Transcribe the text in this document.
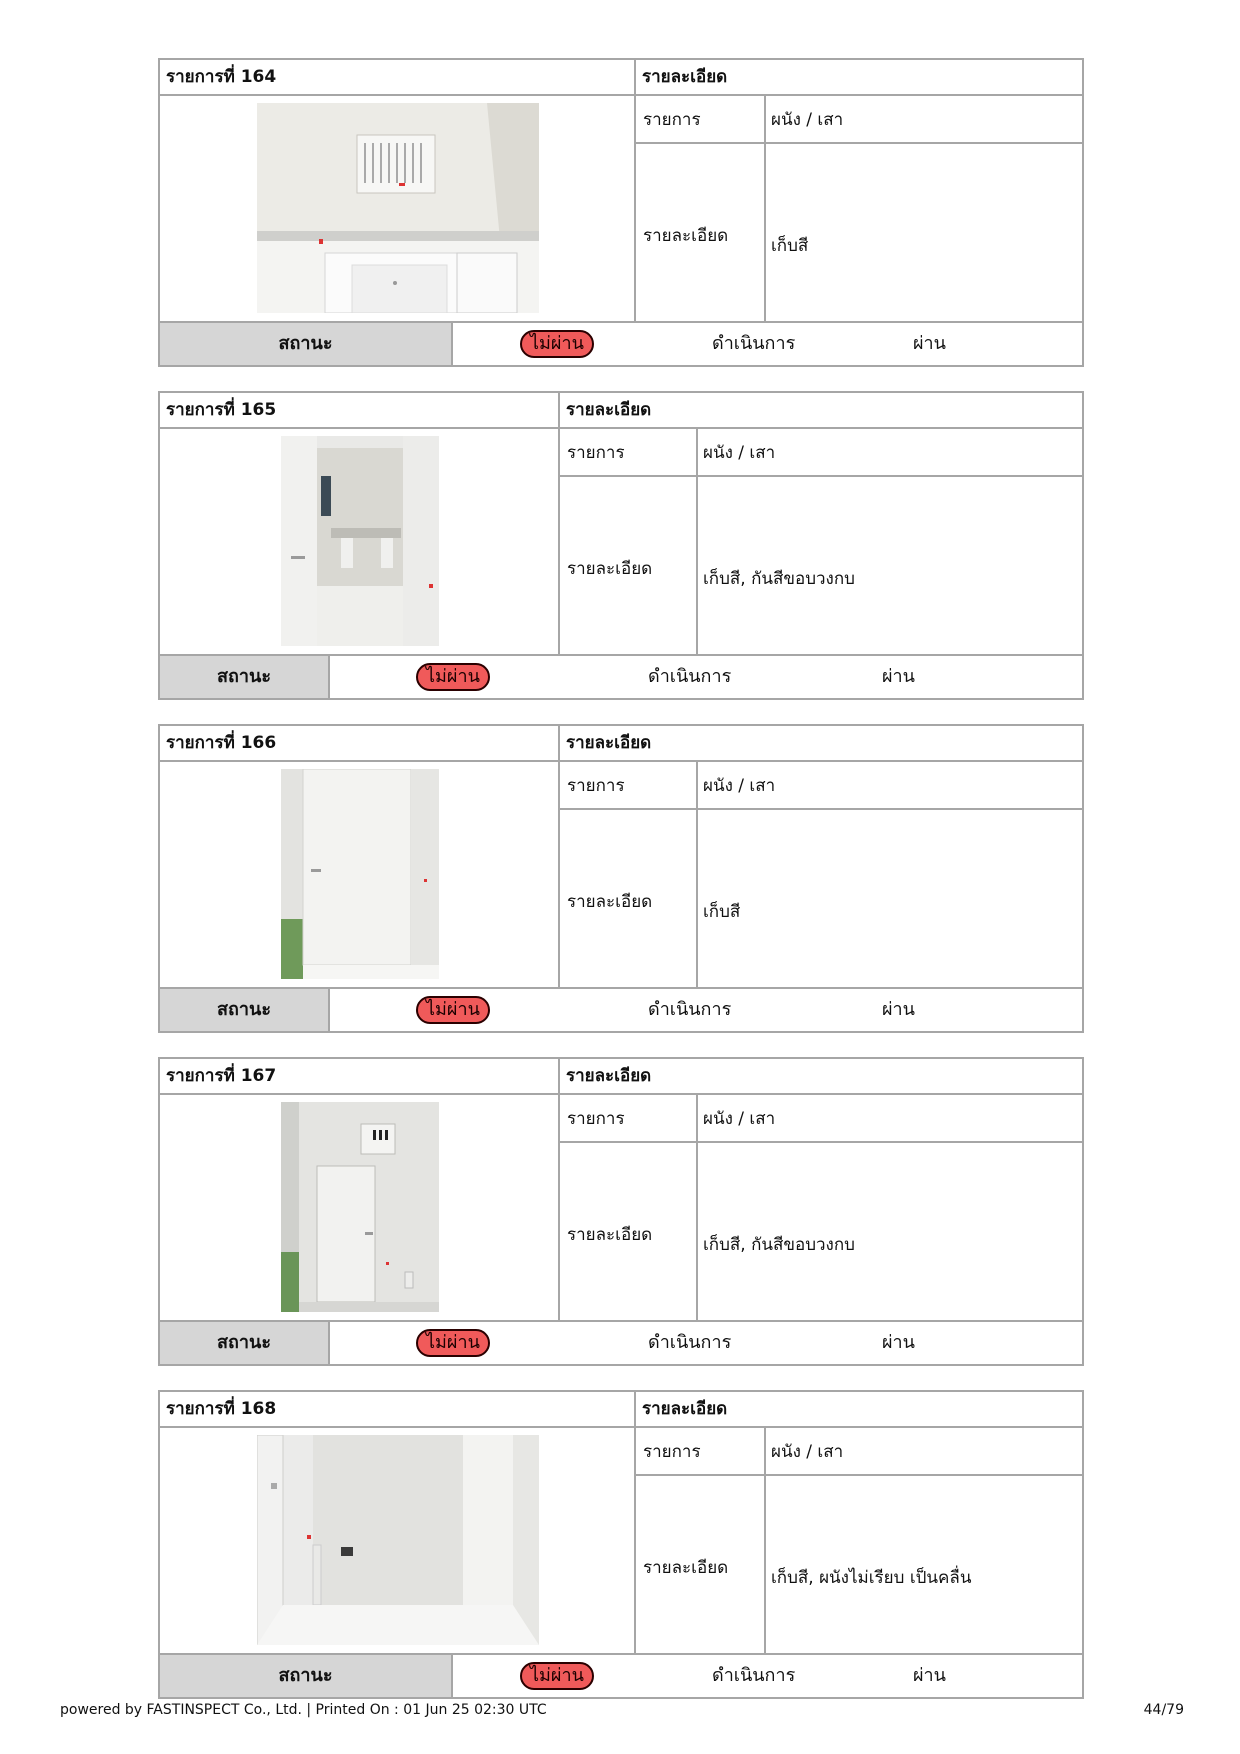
รายการที่ 164	รายละเอียด
รายการ	ผนัง / เสา
รายละเอียด	เก็บสี
สถานะ	ไม่ผ่าน	ดำเนินการ	ผ่าน
รายการที่ 165	รายละเอียด
รายการ	ผนัง / เสา
รายละเอียด	เก็บสี, กันสีขอบวงกบ
สถานะ	ไม่ผ่าน	ดำเนินการ	ผ่าน
รายการที่ 166	รายละเอียด
รายการ	ผนัง / เสา
รายละเอียด	เก็บสี
สถานะ	ไม่ผ่าน	ดำเนินการ	ผ่าน
รายการที่ 167	รายละเอียด
รายการ	ผนัง / เสา
รายละเอียด	เก็บสี, กันสีขอบวงกบ
สถานะ	ไม่ผ่าน	ดำเนินการ	ผ่าน
รายการที่ 168	รายละเอียด
รายการ	ผนัง / เสา
รายละเอียด	เก็บสี, ผนังไม่เรียบ เป็นคลื่น
สถานะ	ไม่ผ่าน	ดำเนินการ	ผ่าน
powered by FASTINSPECT Co., Ltd. | Printed On : 01 Jun 25 02:30 UTC	44/79
